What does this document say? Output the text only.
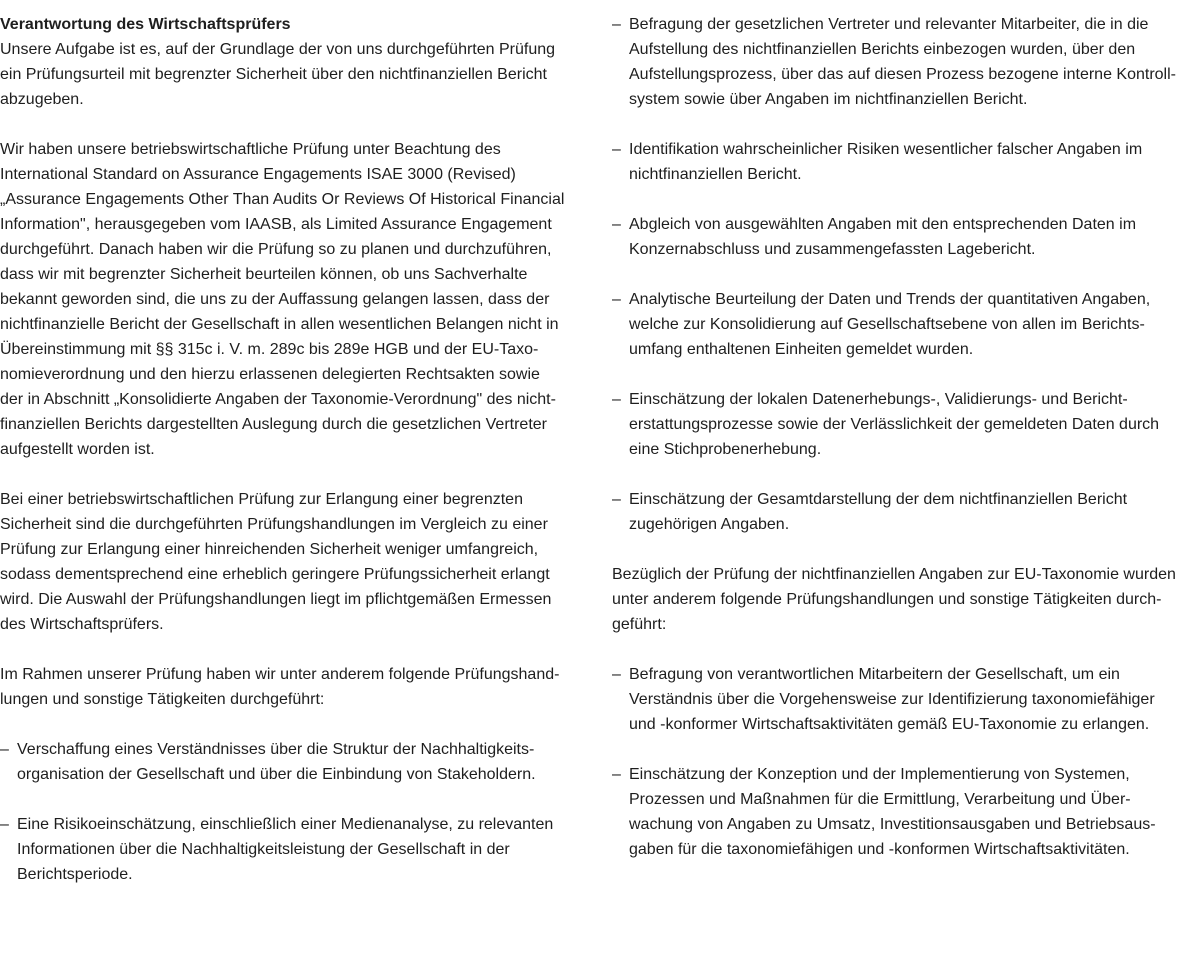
Verantwortung des Wirtschaftsprüfers

Unsere Aufgabe ist es, auf der Grundlage der von uns durchgeführten Prüfung
ein Prüfungsurteil mit begrenzter Sicherheit über den nichtfinanziellen Bericht
abzugeben.

Wir haben unsere betriebswirtschaftliche Prüfung unter Beachtung des
International Standard on Assurance Engagements ISAE 3000 (Revised)
„Assurance Engagements Other Than Audits Or Reviews Of Historical Financial
Information", herausgegeben vom IAASB, als Limited Assurance Engagement
durchgeführt. Danach haben wir die Prüfung so zu planen und durchzuführen,
dass wir mit begrenzter Sicherheit beurteilen können, ob uns Sachverhalte
bekannt geworden sind, die uns zu der Auffassung gelangen lassen, dass der
nichtfinanzielle Bericht der Gesellschaft in allen wesentlichen Belangen nicht in
Übereinstimmung mit §§ 315c i. V. m. 289c bis 289e HGB und der EU-Taxo-
nomieverordnung und den hierzu erlassenen delegierten Rechtsakten sowie
der in Abschnitt „Konsolidierte Angaben der Taxonomie-Verordnung" des nicht-
finanziellen Berichts dargestellten Auslegung durch die gesetzlichen Vertreter
aufgestellt worden ist.

Bei einer betriebswirtschaftlichen Prüfung zur Erlangung einer begrenzten
Sicherheit sind die durchgeführten Prüfungshandlungen im Vergleich zu einer
Prüfung zur Erlangung einer hinreichenden Sicherheit weniger umfangreich,
sodass dementsprechend eine erheblich geringere Prüfungssicherheit erlangt
wird. Die Auswahl der Prüfungshandlungen liegt im pflichtgemäßen Ermessen
des Wirtschaftsprüfers.

Im Rahmen unserer Prüfung haben wir unter anderem folgende Prüfungshand-
lungen und sonstige Tätigkeiten durchgeführt:

– Verschaffung eines Verständnisses über die Struktur der Nachhaltigkeits-
organisation der Gesellschaft und über die Einbindung von Stakeholdern.
– Eine Risikoeinschätzung, einschließlich einer Medienanalyse, zu relevanten
Informationen über die Nachhaltigkeitsleistung der Gesellschaft in der
Berichtsperiode.
– Befragung der gesetzlichen Vertreter und relevanter Mitarbeiter, die in die
Aufstellung des nichtfinanziellen Berichts einbezogen wurden, über den
Aufstellungsprozess, über das auf diesen Prozess bezogene interne Kontroll-
system sowie über Angaben im nichtfinanziellen Bericht.
– Identifikation wahrscheinlicher Risiken wesentlicher falscher Angaben im
nichtfinanziellen Bericht.
– Abgleich von ausgewählten Angaben mit den entsprechenden Daten im
Konzernabschluss und zusammengefassten Lagebericht.
– Analytische Beurteilung der Daten und Trends der quantitativen Angaben,
welche zur Konsolidierung auf Gesellschaftsebene von allen im Berichts-
umfang enthaltenen Einheiten gemeldet wurden.
– Einschätzung der lokalen Datenerhebungs-, Validierungs- und Bericht-
erstattungsprozesse sowie der Verlässlichkeit der gemeldeten Daten durch
eine Stichprobenerhebung.
– Einschätzung der Gesamtdarstellung der dem nichtfinanziellen Bericht
zugehörigen Angaben.

Bezüglich der Prüfung der nichtfinanziellen Angaben zur EU-Taxonomie wurden
unter anderem folgende Prüfungshandlungen und sonstige Tätigkeiten durch-
geführt:

– Befragung von verantwortlichen Mitarbeitern der Gesellschaft, um ein
Verständnis über die Vorgehensweise zur Identifizierung taxonomiefähiger
und -konformer Wirtschaftsaktivitäten gemäß EU-Taxonomie zu erlangen.
– Einschätzung der Konzeption und der Implementierung von Systemen,
Prozessen und Maßnahmen für die Ermittlung, Verarbeitung und Über-
wachung von Angaben zu Umsatz, Investitionsausgaben und Betriebsaus-
gaben für die taxonomiefähigen und -konformen Wirtschaftsaktivitäten.
